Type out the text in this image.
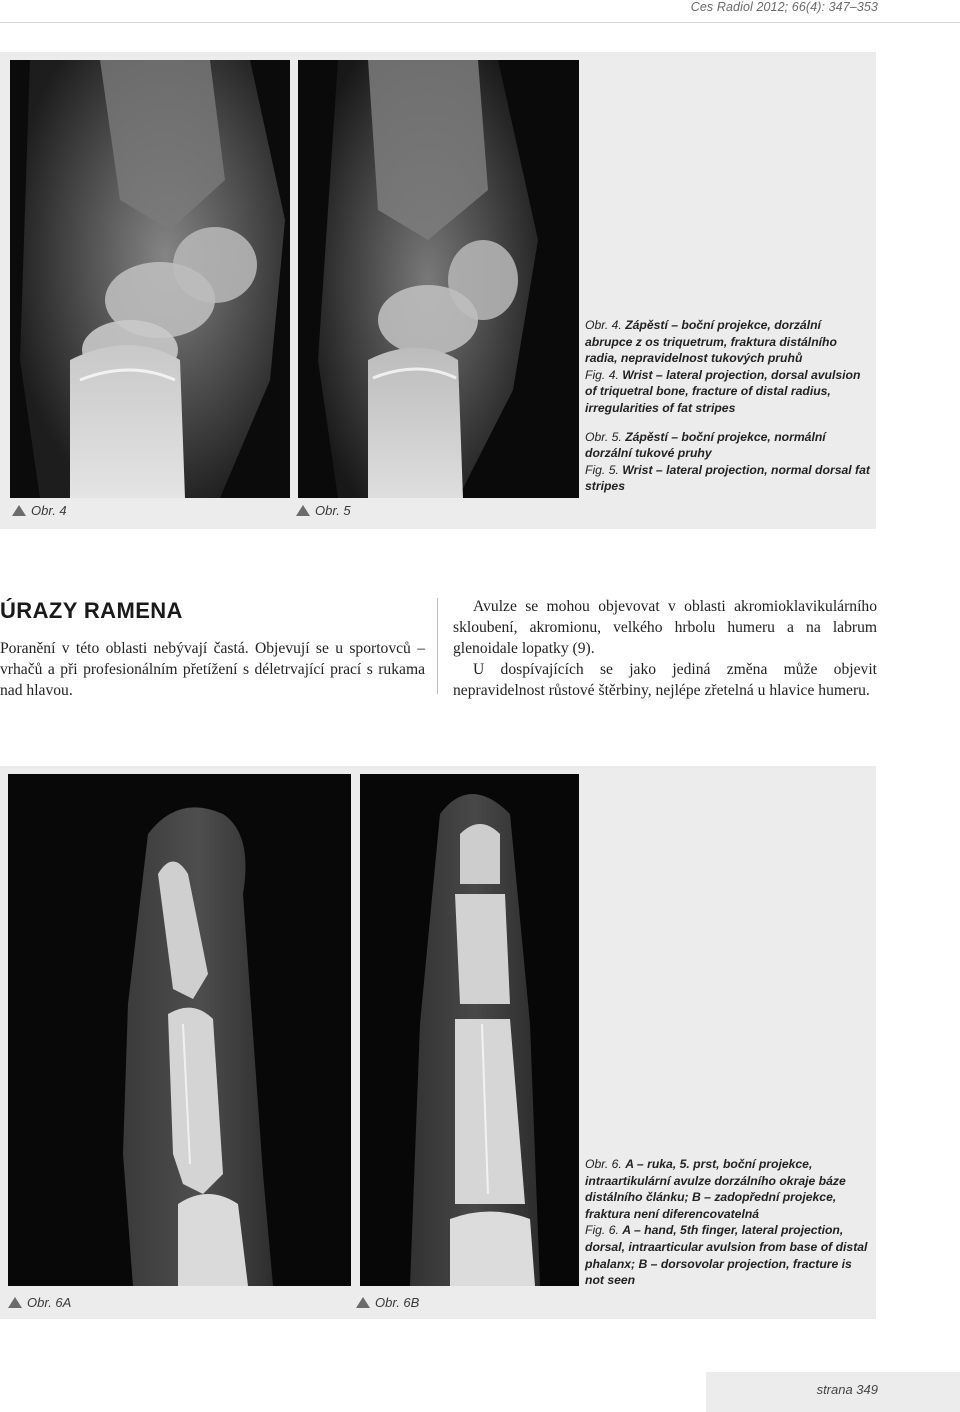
Ces Radiol 2012; 66(4): 347–353
Obr. 4	Obr. 5

Obr. 4. Zápěstí – boční projekce, dorzální abrupce z os triquetrum, fraktura distálního radia, nepravidelnost tukových pruhů

Fig. 4. Wrist – lateral projection, dorsal avulsion of triquetral bone, fracture of distal radius, irregularities of fat stripes

Obr. 5. Zápěstí – boční projekce, normální dorzální tukové pruhy

Fig. 5. Wrist – lateral projection, normal dorsal fat stripes

ÚRAZY RAMENA

Poranění v této oblasti nebývají častá. Objevují se u sportovců – vrhačů a při profesionálním přetížení s déletrvající prací s rukama nad hlavou.

Avulze se mohou objevovat v oblasti akromioklavikulárního skloubení, akromionu, velkého hrbolu humeru a na labrum glenoidale lopatky (9).

U dospívajících se jako jediná změna může objevit nepravidelnost růstové štěrbiny, nejlépe zřetelná u hlavice humeru.

Obr. 6A	Obr. 6B

Obr. 6. A – ruka, 5. prst, boční projekce, intraartikulární avulze dorzálního okraje báze distálního článku; B – zadopřední projekce, fraktura není diferencovatelná

Fig. 6. A – hand, 5th finger, lateral projection, dorsal, intraarticular avulsion from base of distal phalanx; B – dorsovolar projection, fracture is not seen

strana 349
